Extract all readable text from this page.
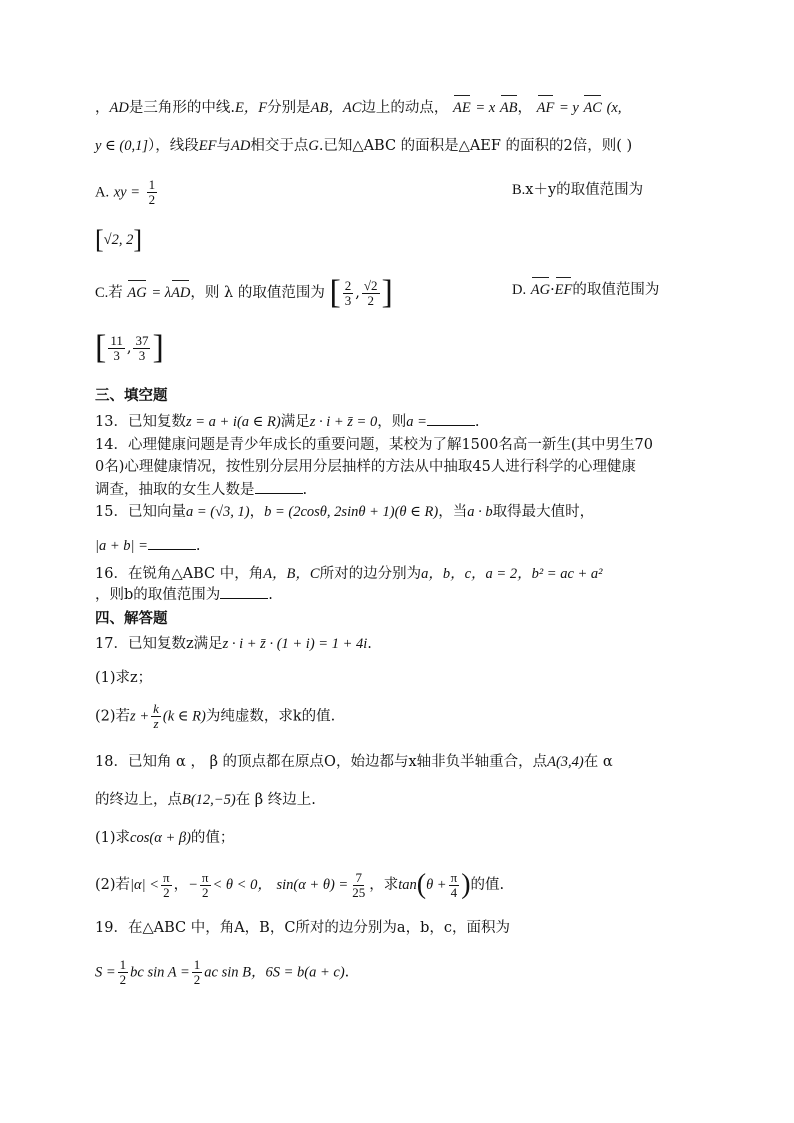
，AD是三角形的中线.E，F分别是AB，AC边上的动点， AE = x AB， AF = y AC (x,
y ∈ (0,1]），线段EF与AD相交于点G.已知△ABC 的面积是△AEF 的面积的2倍，则( )
A. xy = $\frac{1}{2}$	B.x＋y的取值范围为
[√2, 2]
C.若 AG = λAD，则 λ 的取值范围为 [ $\frac{2}{3}$ , $\frac{√2}{2}$ ]	D. AG·EF的取值范围为
[ $\frac{11}{3}$ , $\frac{37}{3}$ ]
三、填空题
13．已知复数z = a + i(a ∈ R)满足z · i + z̄ = 0，则a =	.
14．心理健康问题是青少年成长的重要问题，某校为了解1500名高一新生(其中男生70
0名)心理健康情况，按性别分层用分层抽样的方法从中抽取45人进行科学的心理健康
调查，抽取的女生人数是	.
15．已知向量a = (√3, 1)，b = (2cosθ, 2sinθ + 1)(θ ∈ R)，当a · b取得最大值时，
|a + b| =	.
16．在锐角△ABC 中，角A，B，C所对的边分别为a，b，c，a = 2，b² = ac + a²
，则b的取值范围为	.
四、解答题
17．已知复数z满足z · i + z̄ · (1 + i) = 1 + 4i.
(1)求z；
(2)若$z + \frac{k}{z} (k$ ∈ R)为纯虚数，求k的值.
18．已知角 α ， β 的顶点都在原点O，始边都与x轴非负半轴重合，点A(3,4)在 α
的终边上，点B(12,−5)在 β 终边上.
(1)求cos(α + β)的值；
(2)若$|\alpha| < \frac{\pi}{2}$ ，− $\frac{\pi}{2} < \theta < 0$， $\sin(\alpha + \theta) = \frac{7}{25}$ ，求$\tan(\theta + \frac{\pi}{4}$ )的值.
19．在△ABC 中，角A，B，C所对的边分别为a，b，c，面积为
$S = \frac{1}{2}$ bc $\sin A = \frac{1}{2}$ ac sin B，6S = b(a + c).
